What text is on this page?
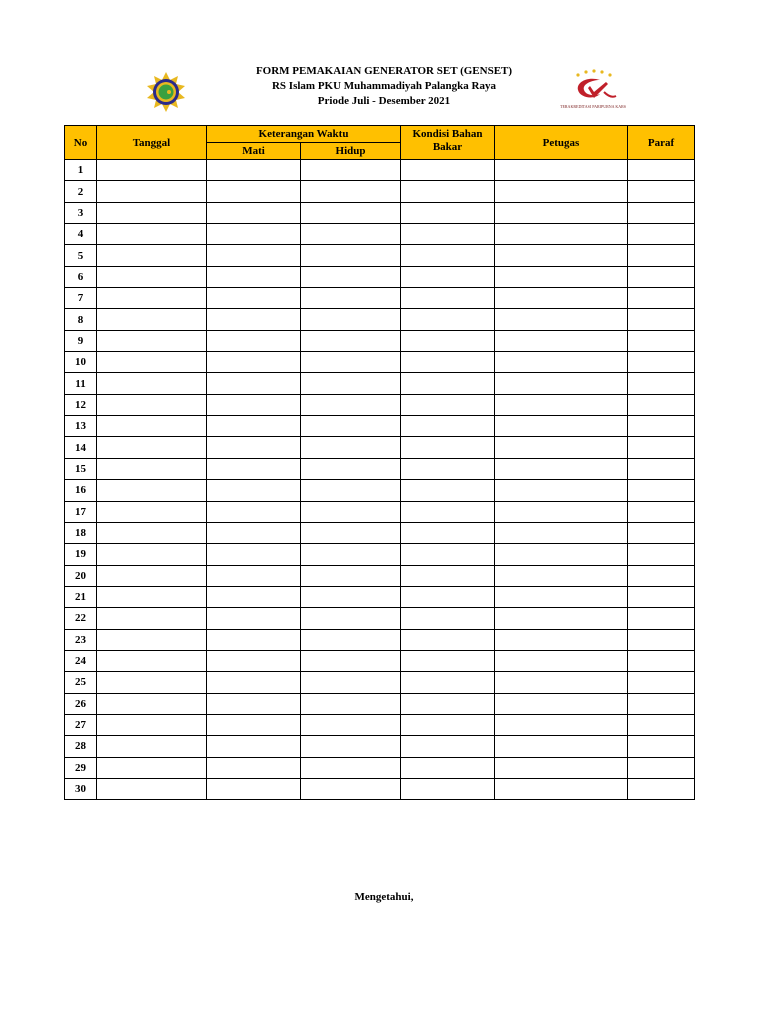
FORM PEMAKAIAN GENERATOR SET (GENSET)
RS Islam PKU Muhammadiyah Palangka Raya
Priode Juli - Desember 2021	TERAKREDITASI PARIPURNA KARS
No	Tanggal	Keterangan Waktu		Kondisi Bahan Bakar	Petugas	Paraf
		Mati	Hidup			
1						
2						
3						
4						
5						
6						
7						
8						
9						
10						
11						
12						
13						
14						
15						
16						
17						
18						
19						
20						
21						
22						
23						
24						
25						
26						
27						
28						
29						
30						
Mengetahui,
